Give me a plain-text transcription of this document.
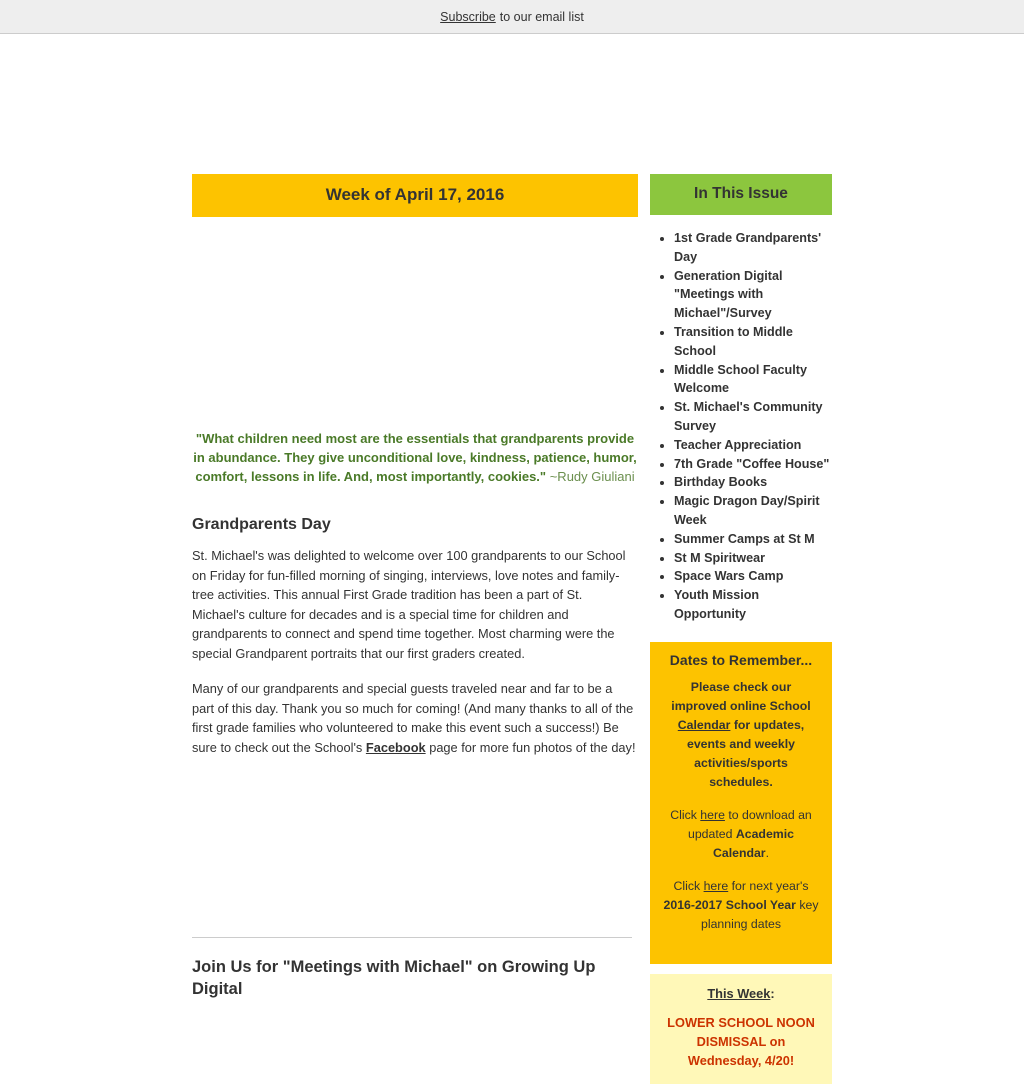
Subscribe to our email list
Week of April 17, 2016
"What children need most are the essentials that grandparents provide in abundance. They give unconditional love, kindness, patience, humor, comfort, lessons in life. And, most importantly, cookies." ~Rudy Giuliani
Grandparents Day

St. Michael's was delighted to welcome over 100 grandparents to our School on Friday for fun-filled morning of singing, interviews, love notes and family-tree activities. This annual First Grade tradition has been a part of St. Michael's culture for decades and is a special time for children and grandparents to connect and spend time together. Most charming were the special Grandparent portraits that our first graders created.

Many of our grandparents and special guests traveled near and far to be a part of this day. Thank you so much for coming! (And many thanks to all of the first grade families who volunteered to make this event such a success!) Be sure to check out the School's Facebook page for more fun photos of the day!

Join Us for "Meetings with Michael" on Growing Up Digital
In This Issue
• 1st Grade Grandparents' Day
• Generation Digital "Meetings with Michael"/Survey
• Transition to Middle School
• Middle School Faculty Welcome
• St. Michael's Community Survey
• Teacher Appreciation
• 7th Grade "Coffee House"
• Birthday Books
• Magic Dragon Day/Spirit Week
• Summer Camps at St M
• St M Spiritwear
• Space Wars Camp
• Youth Mission Opportunity
Dates to Remember...

Please check our improved online School Calendar for updates, events and weekly activities/sports schedules.

Click here to download an updated Academic Calendar.

Click here for next year's 2016-2017 School Year key planning dates

This Week:
LOWER SCHOOL NOON DISMISSAL on Wednesday, 4/20!
